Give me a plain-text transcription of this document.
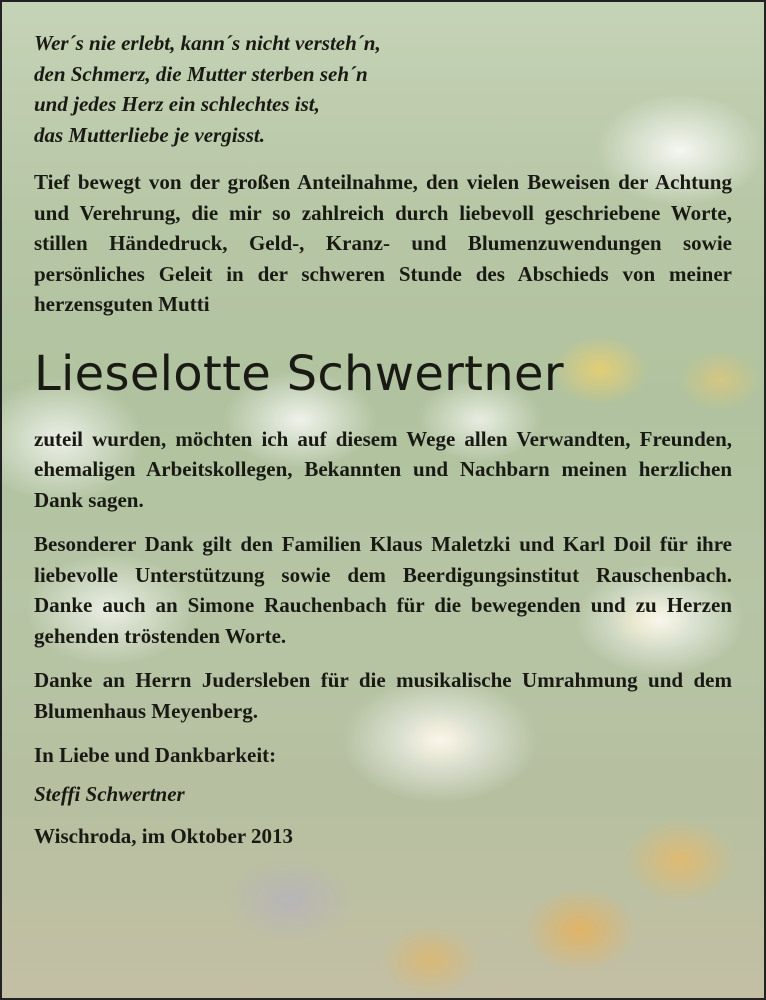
Wer´s nie erlebt, kann´s nicht versteh´n,
den Schmerz, die Mutter sterben seh´n
und jedes Herz ein schlechtes ist,
das Mutterliebe je vergisst.

Tief bewegt von der großen Anteilnahme, den vielen Beweisen der Achtung und Verehrung, die mir so zahlreich durch liebevoll geschriebene Worte, stillen Händedruck, Geld-, Kranz- und Blumenzuwendungen sowie persönliches Geleit in der schweren Stunde des Abschieds von meiner herzensguten Mutti

Lieselotte Schwertner

zuteil wurden, möchten ich auf diesem Wege allen Verwandten, Freunden, ehemaligen Arbeitskollegen, Bekannten und Nachbarn meinen herzlichen Dank sagen.

Besonderer Dank gilt den Familien Klaus Maletzki und Karl Doil für ihre liebevolle Unterstützung sowie dem Beerdigungsinstitut Rauschenbach. Danke auch an Simone Rauchenbach für die bewegenden und zu Herzen gehenden tröstenden Worte.

Danke an Herrn Judersleben für die musikalische Umrahmung und dem Blumenhaus Meyenberg.

In Liebe und Dankbarkeit:

Steffi Schwertner

Wischroda, im Oktober 2013
